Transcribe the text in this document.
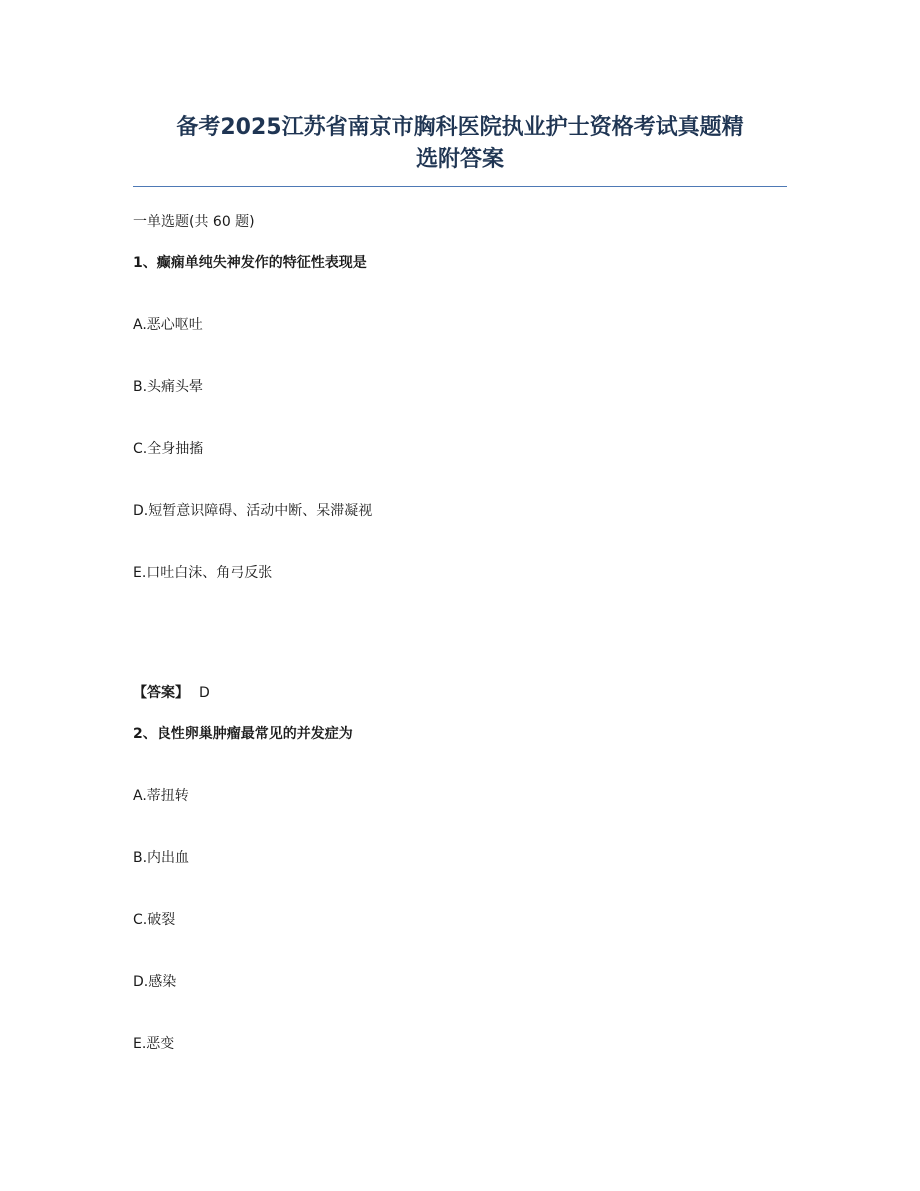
备考2025江苏省南京市胸科医院执业护士资格考试真题精
选附答案
一单选题(共 60 题)
1、癫痫单纯失神发作的特征性表现是
A.恶心呕吐
B.头痛头晕
C.全身抽搐
D.短暂意识障碍、活动中断、呆滞凝视
E.口吐白沫、角弓反张
【答案】 D
2、良性卵巢肿瘤最常见的并发症为
A.蒂扭转
B.内出血
C.破裂
D.感染
E.恶变
